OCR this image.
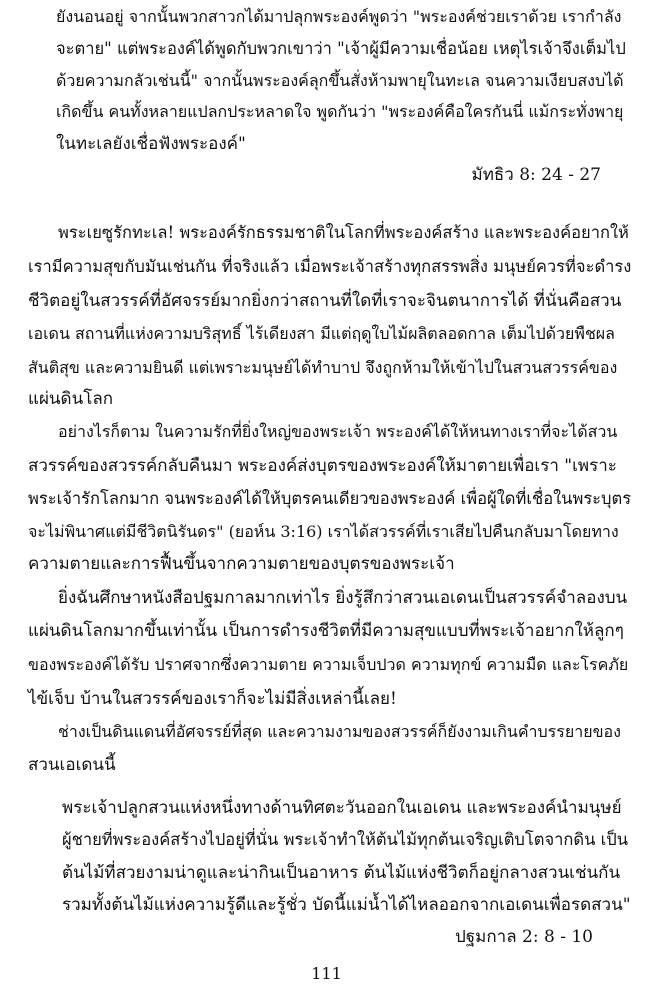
ยังนอนอยู่ จากนั้นพวกสาวกได้มาปลุกพระองค์พูดว่า "พระองค์ช่วยเราด้วย เรากำลัง
จะตาย" แต่พระองค์ได้พูดกับพวกเขาว่า "เจ้าผู้มีความเชื่อน้อย เหตุไรเจ้าจึงเต็มไป
ด้วยความกลัวเช่นนี้" จากนั้นพระองค์ลุกขึ้นสั่งห้ามพายุในทะเล จนความเงียบสงบได้
เกิดขึ้น คนทั้งหลายแปลกประหลาดใจ พูดกันว่า "พระองค์คือใครกันนี่ แม้กระทั่งพายุ
ในทะเลยังเชื่อฟังพระองค์"
มัทธิว 8: 24 - 27
พระเยซูรักทะเล! พระองค์รักธรรมชาติในโลกที่พระองค์สร้าง และพระองค์อยากให้
เรามีความสุขกับมันเช่นกัน ที่จริงแล้ว เมื่อพระเจ้าสร้างทุกสรรพสิ่ง มนุษย์ควรที่จะดำรง
ชีวิตอยู่ในสวรรค์ที่อัศจรรย์มากยิ่งกว่าสถานที่ใดที่เราจะจินตนาการได้ ที่นั่นคือสวน
เอเดน สถานที่แห่งความบริสุทธิ์ ไร้เดียงสา มีแต่ฤดูใบไม้ผลิตลอดกาล เต็มไปด้วยพืชผล
สันติสุข และความยินดี แต่เพราะมนุษย์ได้ทำบาป จึงถูกห้ามให้เข้าไปในสวนสวรรค์ของ
แผ่นดินโลก
อย่างไรก็ตาม ในความรักที่ยิ่งใหญ่ของพระเจ้า พระองค์ได้ให้หนทางเราที่จะได้สวน
สวรรค์ของสวรรค์กลับคืนมา พระองค์ส่งบุตรของพระองค์ให้มาตายเพื่อเรา "เพราะ
พระเจ้ารักโลกมาก จนพระองค์ได้ให้บุตรคนเดียวของพระองค์ เพื่อผู้ใดที่เชื่อในพระบุตร
จะไม่พินาศแต่มีชีวิตนิรันดร" (ยอห์น 3:16) เราได้สวรรค์ที่เราเสียไปคืนกลับมาโดยทาง
ความตายและการฟื้นขึ้นจากความตายของบุตรของพระเจ้า
ยิ่งฉันศึกษาหนังสือปฐมกาลมากเท่าไร ยิ่งรู้สึกว่าสวนเอเดนเป็นสวรรค์จำลองบน
แผ่นดินโลกมากขึ้นเท่านั้น เป็นการดำรงชีวิตที่มีความสุขแบบที่พระเจ้าอยากให้ลูกๆ
ของพระองค์ได้รับ ปราศจากซึ่งความตาย ความเจ็บปวด ความทุกข์ ความมืด และโรคภัย
ไข้เจ็บ บ้านในสวรรค์ของเราก็จะไม่มีสิ่งเหล่านี้เลย!
ช่างเป็นดินแดนที่อัศจรรย์ที่สุด และความงามของสวรรค์ก็ยังงามเกินคำบรรยายของ
สวนเอเดนนี้
พระเจ้าปลูกสวนแห่งหนึ่งทางด้านทิศตะวันออกในเอเดน และพระองค์นำมนุษย์
ผู้ชายที่พระองค์สร้างไปอยู่ที่นั่น พระเจ้าทำให้ต้นไม้ทุกต้นเจริญเติบโตจากดิน เป็น
ต้นไม้ที่สวยงามน่าดูและน่ากินเป็นอาหาร ต้นไม้แห่งชีวิตก็อยู่กลางสวนเช่นกัน
รวมทั้งต้นไม้แห่งความรู้ดีและรู้ชั่ว บัดนี้แม่น้ำได้ไหลออกจากเอเดนเพื่อรดสวน"
ปฐมกาล 2: 8 - 10
111
